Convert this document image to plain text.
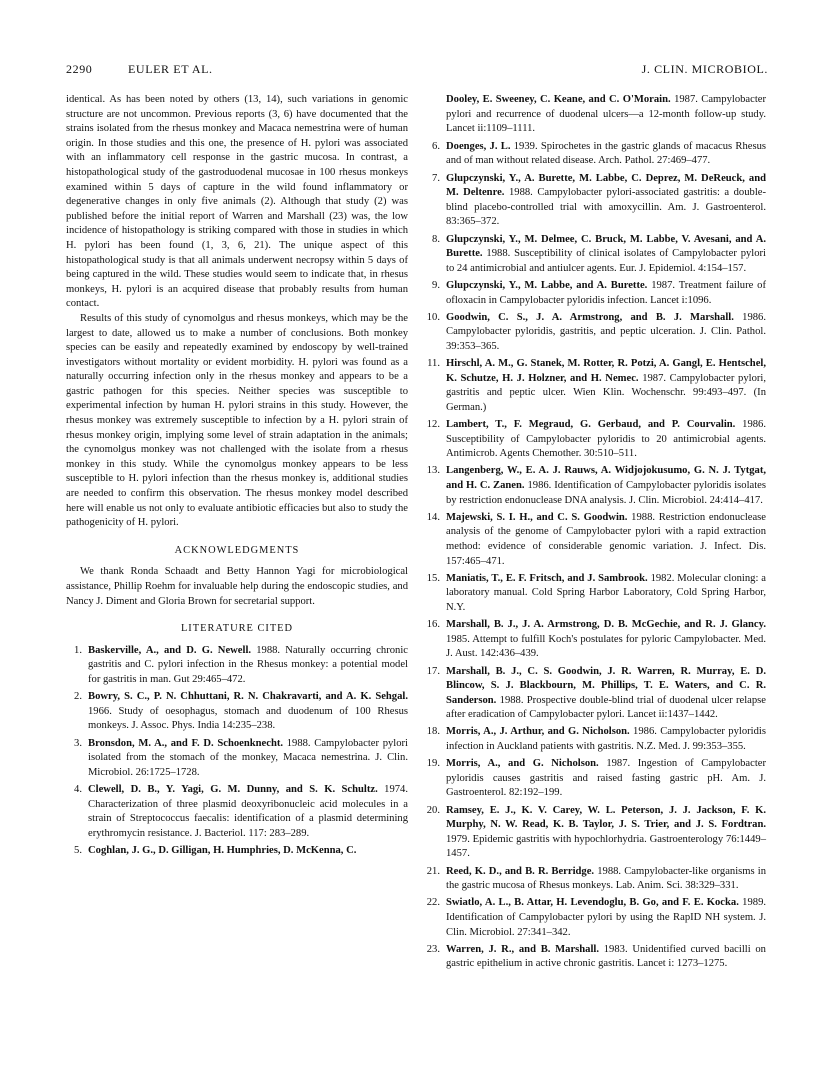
2290	EULER ET AL.	J. CLIN. MICROBIOL.

identical. As has been noted by others (13, 14), such variations in genomic structure are not uncommon. Previous reports (3, 6) have documented that the strains isolated from the rhesus monkey and Macaca nemestrina were of human origin. In those studies and this one, the presence of H. pylori was associated with an inflammatory cell response in the gastric mucosa. In contrast, a histopathological study of the gastroduodenal mucosae in 100 rhesus monkeys examined within 5 days of capture in the wild found inflammatory or degenerative changes in only five animals (2). Although that study (2) was published before the initial report of Warren and Marshall (23) was, the low incidence of histopathology is striking compared with those in studies in which H. pylori has been found (1, 3, 6, 21). The unique aspect of this histopathological study is that all animals underwent necropsy within 5 days of being captured in the wild. These studies would seem to indicate that, in rhesus monkeys, H. pylori is an acquired disease that probably results from human contact.

Results of this study of cynomolgus and rhesus monkeys, which may be the largest to date, allowed us to make a number of conclusions. Both monkey species can be easily and repeatedly examined by endoscopy by well-trained investigators without mortality or evident morbidity. H. pylori was found as a naturally occurring infection only in the rhesus monkey and appears to be a gastric pathogen for this species. Neither species was susceptible to experimental infection by human H. pylori strains in this study. However, the rhesus monkey was extremely susceptible to infection by a H. pylori strain of rhesus monkey origin, implying some level of strain adaptation in the animals; the cynomolgus monkey was not challenged with the isolate from a rhesus monkey in this study. While the cynomolgus monkey appears to be less susceptible to H. pylori infection than the rhesus monkey is, additional studies are needed to confirm this observation. The rhesus monkey model described here will enable us not only to evaluate antibiotic efficacies but also to study the pathogenicity of H. pylori.

ACKNOWLEDGMENTS

We thank Ronda Schaadt and Betty Hannon Yagi for microbiological assistance, Phillip Roehm for invaluable help during the endoscopic studies, and Nancy J. Diment and Gloria Brown for secretarial support.

LITERATURE CITED
1. Baskerville, A., and D. G. Newell. 1988. Naturally occurring chronic gastritis and C. pylori infection in the Rhesus monkey: a potential model for gastritis in man. Gut 29:465–472.
2. Bowry, S. C., P. N. Chhuttani, R. N. Chakravarti, and A. K. Sehgal. 1966. Study of oesophagus, stomach and duodenum of 100 Rhesus monkeys. J. Assoc. Phys. India 14:235–238.
3. Bronsdon, M. A., and F. D. Schoenknecht. 1988. Campylobacter pylori isolated from the stomach of the monkey, Macaca nemestrina. J. Clin. Microbiol. 26:1725–1728.
4. Clewell, D. B., Y. Yagi, G. M. Dunny, and S. K. Schultz. 1974. Characterization of three plasmid deoxyribonucleic acid molecules in a strain of Streptococcus faecalis: identification of a plasmid determining erythromycin resistance. J. Bacteriol. 117: 283–289.
5. Coghlan, J. G., D. Gilligan, H. Humphries, D. McKenna, C.
Dooley, E. Sweeney, C. Keane, and C. O'Morain. 1987. Campylobacter pylori and recurrence of duodenal ulcers—a 12-month follow-up study. Lancet ii:1109–1111.
6. Doenges, J. L. 1939. Spirochetes in the gastric glands of macacus Rhesus and of man without related disease. Arch. Pathol. 27:469–477.
7. Glupczynski, Y., A. Burette, M. Labbe, C. Deprez, M. DeReuck, and M. Deltenre. 1988. Campylobacter pylori-associated gastritis: a double-blind placebo-controlled trial with amoxycillin. Am. J. Gastroenterol. 83:365–372.
8. Glupczynski, Y., M. Delmee, C. Bruck, M. Labbe, V. Avesani, and A. Burette. 1988. Susceptibility of clinical isolates of Campylobacter pylori to 24 antimicrobial and antiulcer agents. Eur. J. Epidemiol. 4:154–157.
9. Glupczynski, Y., M. Labbe, and A. Burette. 1987. Treatment failure of ofloxacin in Campylobacter pyloridis infection. Lancet i:1096.
10. Goodwin, C. S., J. A. Armstrong, and B. J. Marshall. 1986. Campylobacter pyloridis, gastritis, and peptic ulceration. J. Clin. Pathol. 39:353–365.
11. Hirschl, A. M., G. Stanek, M. Rotter, R. Potzi, A. Gangl, E. Hentschel, K. Schutze, H. J. Holzner, and H. Nemec. 1987. Campylobacter pylori, gastritis and peptic ulcer. Wien Klin. Wochenschr. 99:493–497. (In German.)
12. Lambert, T., F. Megraud, G. Gerbaud, and P. Courvalin. 1986. Susceptibility of Campylobacter pyloridis to 20 antimicrobial agents. Antimicrob. Agents Chemother. 30:510–511.
13. Langenberg, W., E. A. J. Rauws, A. Widjojokusumo, G. N. J. Tytgat, and H. C. Zanen. 1986. Identification of Campylobacter pyloridis isolates by restriction endonuclease DNA analysis. J. Clin. Microbiol. 24:414–417.
14. Majewski, S. I. H., and C. S. Goodwin. 1988. Restriction endonuclease analysis of the genome of Campylobacter pylori with a rapid extraction method: evidence of considerable genomic variation. J. Infect. Dis. 157:465–471.
15. Maniatis, T., E. F. Fritsch, and J. Sambrook. 1982. Molecular cloning: a laboratory manual. Cold Spring Harbor Laboratory, Cold Spring Harbor, N.Y.
16. Marshall, B. J., J. A. Armstrong, D. B. McGechie, and R. J. Glancy. 1985. Attempt to fulfill Koch's postulates for pyloric Campylobacter. Med. J. Aust. 142:436–439.
17. Marshall, B. J., C. S. Goodwin, J. R. Warren, R. Murray, E. D. Blincow, S. J. Blackbourn, M. Phillips, T. E. Waters, and C. R. Sanderson. 1988. Prospective double-blind trial of duodenal ulcer relapse after eradication of Campylobacter pylori. Lancet ii:1437–1442.
18. Morris, A., J. Arthur, and G. Nicholson. 1986. Campylobacter pyloridis infection in Auckland patients with gastritis. N.Z. Med. J. 99:353–355.
19. Morris, A., and G. Nicholson. 1987. Ingestion of Campylobacter pyloridis causes gastritis and raised fasting gastric pH. Am. J. Gastroenterol. 82:192–199.
20. Ramsey, E. J., K. V. Carey, W. L. Peterson, J. J. Jackson, F. K. Murphy, N. W. Read, K. B. Taylor, J. S. Trier, and J. S. Fordtran. 1979. Epidemic gastritis with hypochlorhydria. Gastroenterology 76:1449–1457.
21. Reed, K. D., and B. R. Berridge. 1988. Campylobacter-like organisms in the gastric mucosa of Rhesus monkeys. Lab. Anim. Sci. 38:329–331.
22. Swiatlo, A. L., B. Attar, H. Levendoglu, B. Go, and F. E. Kocka. 1989. Identification of Campylobacter pylori by using the RapID NH system. J. Clin. Microbiol. 27:341–342.
23. Warren, J. R., and B. Marshall. 1983. Unidentified curved bacilli on gastric epithelium in active chronic gastritis. Lancet i: 1273–1275.
